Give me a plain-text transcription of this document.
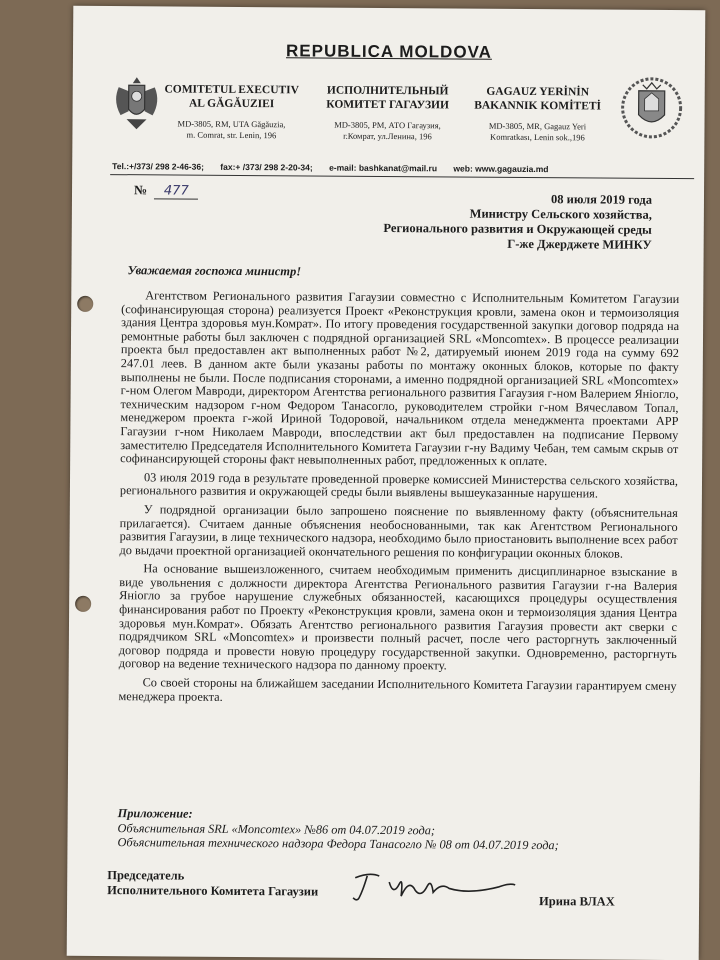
REPUBLICA MOLDOVA
COMITETUL EXECUTIV
AL GĂGĂUZIEI
MD-3805, RM, UTA Găgăuzia,
m. Comrat, str. Lenin, 196
ИСПОЛНИТЕЛЬНЫЙ
КОМИТЕТ ГАГАУЗИИ
MD-3805, РМ, АТО Гагаузия,
г.Комрат, ул.Ленина, 196
GAGAUZ YERİNİN
BAKANNIK KOMİTETİ
MD-3805, MR, Gagauz Yeri
Komratkası, Lenin sok.,196
Tel.:+/373/ 298 2-46-36; fax:+ /373/ 298 2-20-34; e-mail: bashkanat@mail.ru web: www.gagauzia.md
№ 477
08 июля 2019 года
Министру Сельского хозяйства,
Регионального развития и Окружающей среды
Г-же Джерджете МИНКУ
Уважаемая госпожа министр!

Агентством Регионального развития Гагаузии совместно с Исполнительным Комитетом Гагаузии (софинансирующая сторона) реализуется Проект «Реконструкция кровли, замена окон и термоизоляция здания Центра здоровья мун.Комрат». По итогу проведения государственной закупки договор подряда на ремонтные работы был заключен с подрядной организацией SRL «Moncomtex». В процессе реализации проекта был предоставлен акт выполненных работ №2, датируемый июнем 2019 года на сумму 692 247.01 леев. В данном акте были указаны работы по монтажу оконных блоков, которые по факту выполнены не были. После подписания сторонами, а именно подрядной организацией SRL «Moncomtex» г-ном Олегом Мавроди, директором Агентства регионального развития Гагаузия г-ном Валерием Янioгло, техническим надзором г-ном Федором Танасогло, руководителем стройки г-ном Вячеславом Топал, менеджером проекта г-жой Ириной Тодоровой, начальником отдела менеджмента проектами АРР Гагаузии г-ном Николаем Мавроди, впоследствии акт был предоставлен на подписание Первому заместителю Председателя Исполнительного Комитета Гагаузии г-ну Вадиму Чебан, тем самым скрыв от софинансирующей стороны факт невыполненных работ, предложенных к оплате.

03 июля 2019 года в результате проведенной проверке комиссией Министерства сельского хозяйства, регионального развития и окружающей среды были выявлены вышеуказанные нарушения.

У подрядной организации было запрошено пояснение по выявленному факту (объяснительная прилагается). Считаем данные объяснения необоснованными, так как Агентством Регионального развития Гагаузии, в лице технического надзора, необходимо было приостановить выполнение всех работ до выдачи проектной организацией окончательного решения по конфигурации оконных блоков.

На основание вышеизложенного, считаем необходимым применить дисциплинарное взыскание в виде увольнения с должности директора Агентства Регионального развития Гагаузии г-на Валерия Янioгло за грубое нарушение служебных обязанностей, касающихся процедуры осуществления финансирования работ по Проекту «Реконструкция кровли, замена окон и термоизоляция здания Центра здоровья мун.Комрат». Обязать Агентство регионального развития Гагаузия провести акт сверки с подрядчиком SRL «Moncomtex» и произвести полный расчет, после чего расторгнуть заключенный договор подряда и провести новую процедуру государственной закупки. Одновременно, расторгнуть договор на ведение технического надзора по данному проекту.

Со своей стороны на ближайшем заседании Исполнительного Комитета Гагаузии гарантируем смену менеджера проекта.

Приложение:
Объяснительная SRL «Moncomtex» №86 от 04.07.2019 года;
Объяснительная технического надзора Федора Танасогло № 08 от 04.07.2019 года;
Председатель
Исполнительного Комитета Гагаузии
Ирина ВЛАХ
